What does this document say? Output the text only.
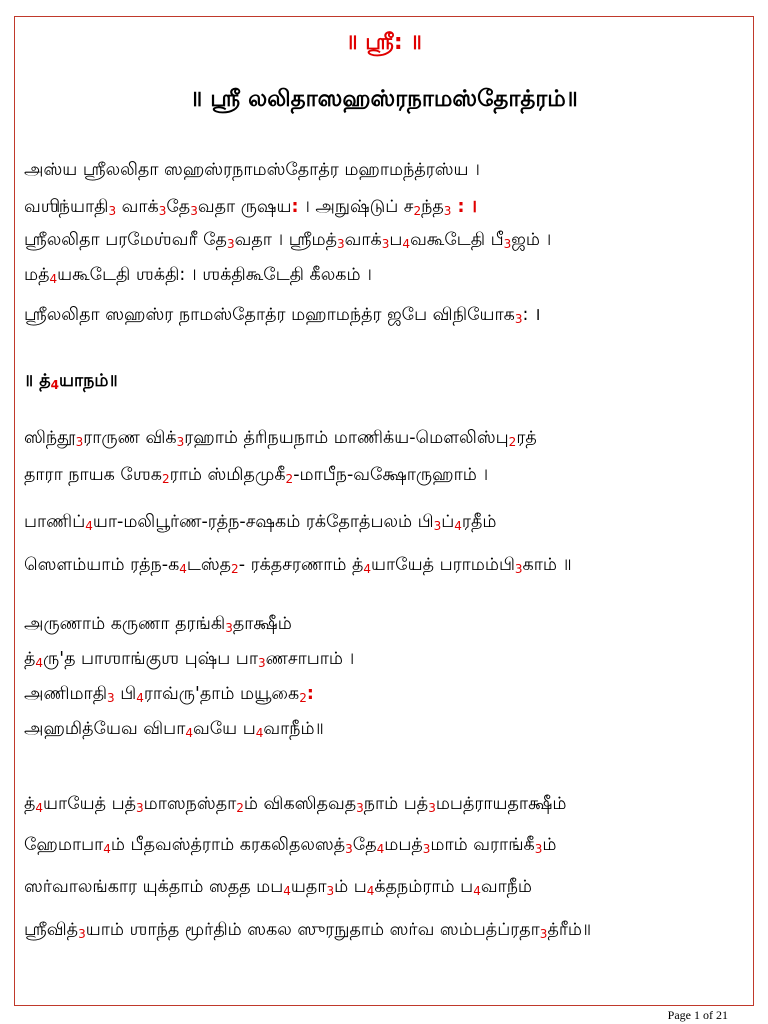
॥ ஶ்ரீ: ॥
॥ ஶ்ரீ லலிதாஸஹஸ்ரநாமஸ்தோத்ரம்॥
அஸ்ய ஶ்ரீலலிதா ஸஹஸ்ரநாமஸ்தோத்ர மஹாமந்த்ரஸ்ய ।
வஶிந்யாதி3 வாக்3தே3வதா ருஷய: । அநுஷ்டுப் ச2ந்த3 : ।
ஶ்ரீலலிதா பரமேஶ்வரீ தே3வதா । ஶ்ரீமத்3வாக்3ப4வகூடேதி பீ3ஜம் ।
மத்4யகூடேதி ஶக்தி: । ஶக்திகூடேதி கீலகம் ।
ஶ்ரீலலிதா ஸஹஸ்ர நாமஸ்தோத்ர மஹாமந்த்ர ஜபே விநியோக3: ।
॥ த்4யாநம்॥
ஸிந்தூ3ராருண விக்3ரஹாம் த்ரிநயநாம் மாணிக்ய-மௌலிஸ்பு2ரத்
தாரா நாயக ஶேக2ராம் ஸ்மிதமுகீ2-மாபீந-வக்ஷோருஹாம் ।
பாணிப்4யா-மலிபூர்ண-ரத்ந-சஷகம் ரக்தோத்பலம் பி3ப்4ரதீம்
ஸௌம்யாம் ரத்ந-க4டஸ்த2- ரக்தசரணாம் த்4யாயேத் பராமம்பி3காம் ॥
அருணாம் கருணா தரங்கி3தாக்ஷீம்
த்4ரு'த பாஶாங்குஶ புஷ்ப பா3ணசாபாம் ।
அணிமாதி3 பி4ராவ்ரு'தாம் மயூகை2:
அஹமித்யேவ விபா4வயே ப4வாநீம்॥
த்4யாயேத் பத்3மாஸநஸ்தா2ம் விகஸிதவத3நாம் பத்3மபத்ராயதாக்ஷீம்
ஹேமாபா4ம் பீதவஸ்த்ராம் கரகலிதலஸத்3தே4மபத்3மாம் வராங்கீ3ம்
ஸர்வாலங்கார யுக்தாம் ஸதத மப4யதா3ம் ப4க்தநம்ராம் ப4வாநீம்
ஶ்ரீவித்3யாம் ஶாந்த மூர்திம் ஸகல ஸுரநுதாம் ஸர்வ ஸம்பத்ப்ரதா3த்ரீம்॥
Page 1 of 21
